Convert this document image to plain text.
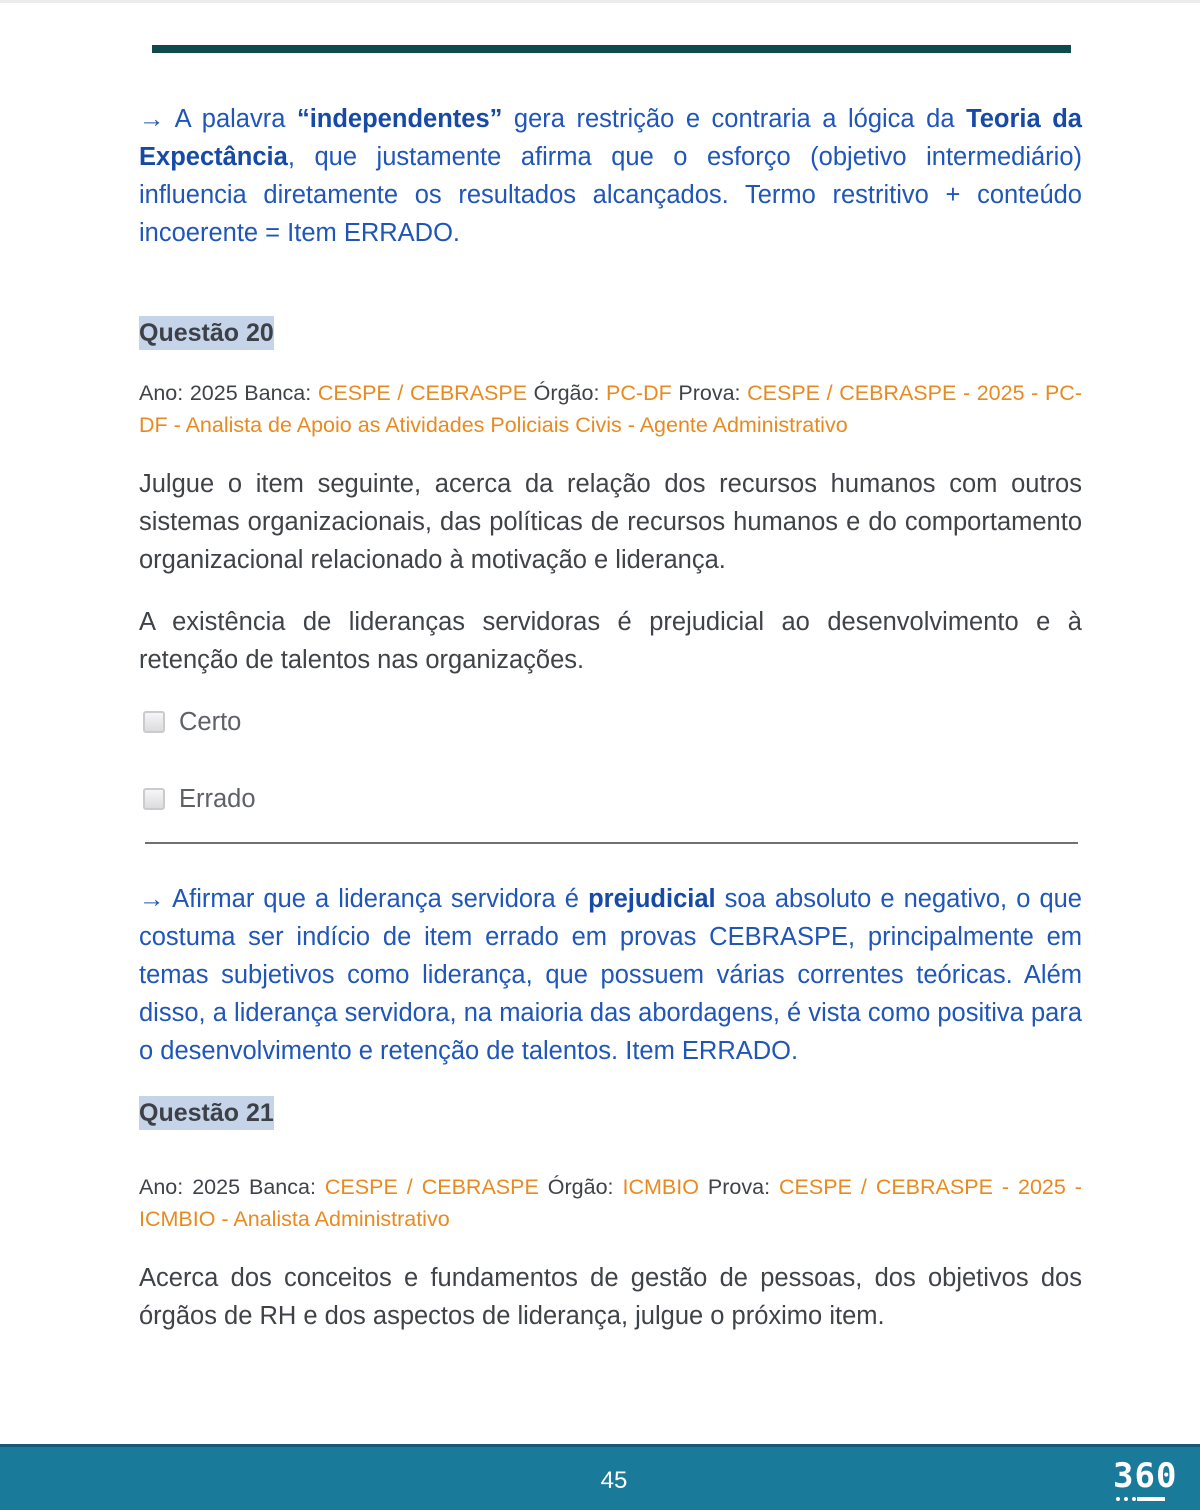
→ A palavra “independentes” gera restrição e contraria a lógica da Teoria da Expectância, que justamente afirma que o esforço (objetivo intermediário) influencia diretamente os resultados alcançados. Termo restritivo + conteúdo incoerente = Item ERRADO.

Questão 20

Ano: 2025 Banca: CESPE / CEBRASPE Órgão: PC-DF Prova: CESPE / CEBRASPE - 2025 - PC-DF - Analista de Apoio as Atividades Policiais Civis - Agente Administrativo

Julgue o item seguinte, acerca da relação dos recursos humanos com outros sistemas organizacionais, das políticas de recursos humanos e do comportamento organizacional relacionado à motivação e liderança.

A existência de lideranças servidoras é prejudicial ao desenvolvimento e à retenção de talentos nas organizações.

Certo
Errado

→ Afirmar que a liderança servidora é prejudicial soa absoluto e negativo, o que costuma ser indício de item errado em provas CEBRASPE, principalmente em temas subjetivos como liderança, que possuem várias correntes teóricas. Além disso, a liderança servidora, na maioria das abordagens, é vista como positiva para o desenvolvimento e retenção de talentos. Item ERRADO.

Questão 21

Ano: 2025 Banca: CESPE / CEBRASPE Órgão: ICMBIO Prova: CESPE / CEBRASPE - 2025 - ICMBIO - Analista Administrativo

Acerca dos conceitos e fundamentos de gestão de pessoas, dos objetivos dos órgãos de RH e dos aspectos de liderança, julgue o próximo item.

45	360
